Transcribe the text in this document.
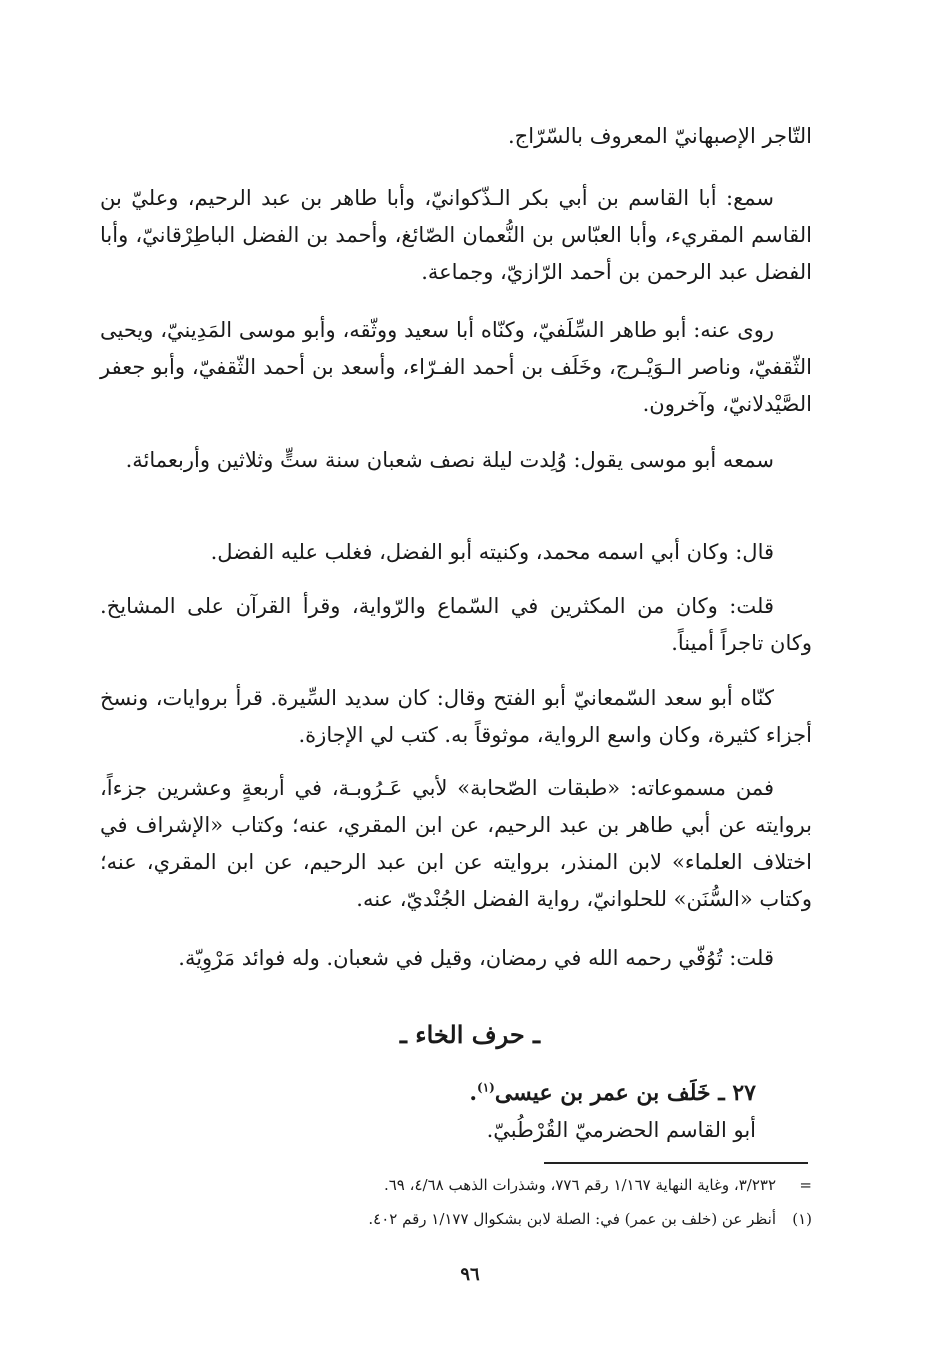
التّاجر الإصبهانيّ المعروف بالسّرّاج.

سمع: أبا القاسم بن أبي بكر الـذّكوانيّ، وأبا طاهر بن عبد الرحيم، وعليّ بن القاسم المقريء، وأبا العبّاس بن النُّعمان الصّائغ، وأحمد بن الفضل الباطِرْقانيّ، وأبا الفضل عبد الرحمن بن أحمد الرّازيّ، وجماعة.

روى عنه: أبو طاهر السِّلَفيّ، وكنّاه أبا سعيد ووثّقه، وأبو موسى المَدِينيّ، ويحيى الثّقفيّ، وناصر الـوَيْـرج، وخَلَف بن أحمد الفـرّاء، وأسعد بن أحمد الثّقفيّ، وأبو جعفر الصَّيْدلانيّ، وآخرون.

سمعه أبو موسى يقول: وُلِدت ليلة نصف شعبان سنة ستٍّ وثلاثين وأربعمائة.

قال: وكان أبي اسمه محمد، وكنيته أبو الفضل، فغلب عليه الفضل.

قلت: وكان من المكثرين في السّماع والرّواية، وقرأ القرآن على المشايخ. وكان تاجراً أميناً.

كنّاه أبو سعد السّمعانيّ أبو الفتح وقال: كان سديد السِّيرة. قرأ بروايات، ونسخ أجزاء كثيرة، وكان واسع الرواية، موثوقاً به. كتب لي الإجازة.

فمن مسموعاته: «طبقات الصّحابة» لأبي عَـرُوبـة، في أربعةٍ وعشرين جزءاً، بروايته عن أبي طاهر بن عبد الرحيم، عن ابن المقري، عنه؛ وكتاب «الإشراف في اختلاف العلماء» لابن المنذر، بروايته عن ابن عبد الرحيم، عن ابن المقري، عنه؛ وكتاب «السُّنَن» للحلوانيّ، رواية الفضل الجُنْديّ، عنه.

قلت: تُوُفّي رحمه الله في رمضان، وقيل في شعبان. وله فوائد مَرْوِيّة.

ـ حرف الخاء ـ
٢٧ ـ خَلَف بن عمر بن عيسى$^{(١)}$.
أبو القاسم الحضرميّ القُرْطُبيّ.
=٣/٢٣٢، وغاية النهاية ١/١٦٧ رقم ٧٧٦، وشذرات الذهب ٤/٦٨، ٦٩.
(١)أنظر عن (خلف بن عمر) في: الصلة لابن بشكوال ١/١٧٧ رقم ٤٠٢.
٩٦
